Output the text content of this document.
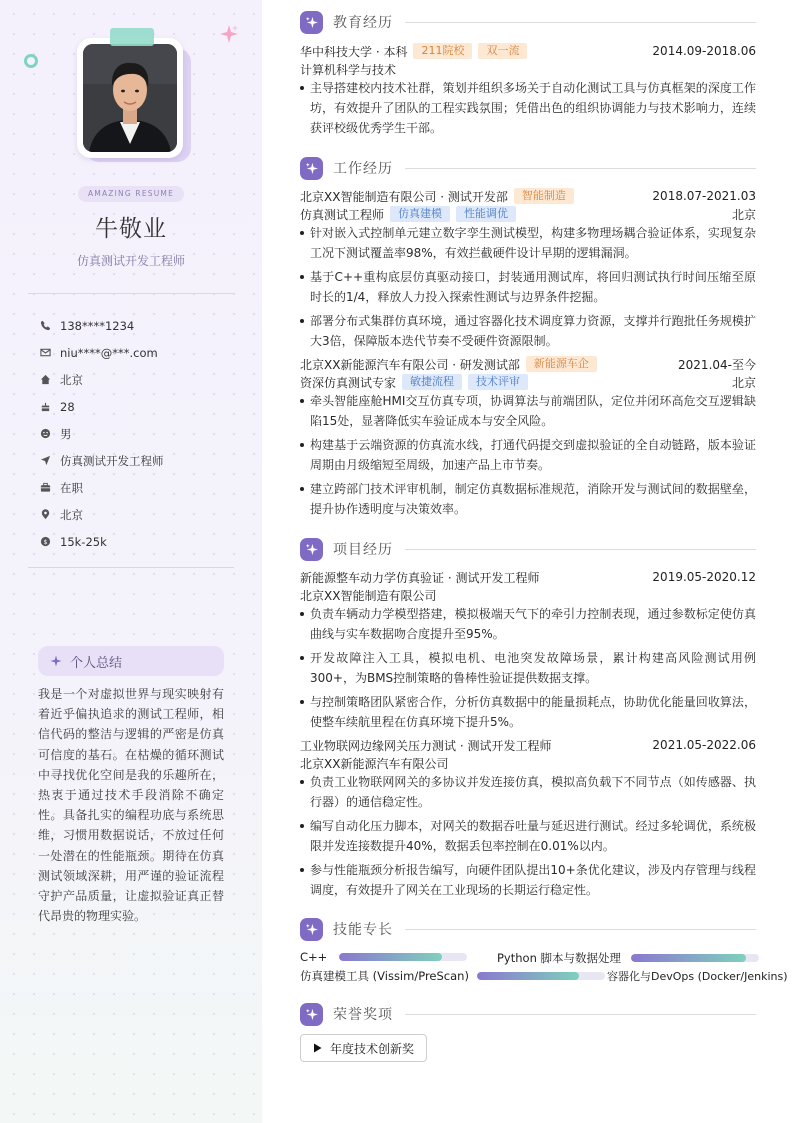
AMAZING RESUME
牛敬业
仿真测试开发工程师
138****1234
niu****@***.com
北京
28
男
仿真测试开发工程师
在职
北京
$ 15k-25k
个人总结
我是一个对虚拟世界与现实映射有着近乎偏执追求的测试工程师，相信代码的整洁与逻辑的严密是仿真可信度的基石。在枯燥的循环测试中寻找优化空间是我的乐趣所在，热衷于通过技术手段消除不确定性。具备扎实的编程功底与系统思维，习惯用数据说话，不放过任何一处潜在的性能瓶颈。期待在仿真测试领域深耕，用严谨的验证流程守护产品质量，让虚拟验证真正替代昂贵的物理实验。
教育经历
华中科技大学 · 本科	211院校	双一流	2014.09-2018.06
计算机科学与技术
主导搭建校内技术社群，策划并组织多场关于自动化测试工具与仿真框架的深度工作坊，有效提升了团队的工程实践氛围；凭借出色的组织协调能力与技术影响力，连续获评校级优秀学生干部。
工作经历
北京XX智能制造有限公司 · 测试开发部	智能制造	2018.07-2021.03
仿真测试工程师	仿真建模	性能调优	北京
针对嵌入式控制单元建立数字孪生测试模型，构建多物理场耦合验证体系，实现复杂工况下测试覆盖率98%，有效拦截硬件设计早期的逻辑漏洞。
基于C++重构底层仿真驱动接口，封装通用测试库，将回归测试执行时间压缩至原时长的1/4，释放人力投入探索性测试与边界条件挖掘。
部署分布式集群仿真环境，通过容器化技术调度算力资源，支撑并行跑批任务规模扩大3倍，保障版本迭代节奏不受硬件资源限制。
北京XX新能源汽车有限公司 · 研发测试部	新能源车企	2021.04-至今
资深仿真测试专家	敏捷流程	技术评审	北京
牵头智能座舱HMI交互仿真专项，协调算法与前端团队，定位并闭环高危交互逻辑缺陷15处，显著降低实车验证成本与安全风险。
构建基于云端资源的仿真流水线，打通代码提交到虚拟验证的全自动链路，版本验证周期由月级缩短至周级，加速产品上市节奏。
建立跨部门技术评审机制，制定仿真数据标准规范，消除开发与测试间的数据壁垒，提升协作透明度与决策效率。
项目经历
新能源整车动力学仿真验证 · 测试开发工程师	2019.05-2020.12
北京XX智能制造有限公司
负责车辆动力学模型搭建，模拟极端天气下的牵引力控制表现，通过参数标定使仿真曲线与实车数据吻合度提升至95%。
开发故障注入工具，模拟电机、电池突发故障场景，累计构建高风险测试用例300+，为BMS控制策略的鲁棒性验证提供数据支撑。
与控制策略团队紧密合作，分析仿真数据中的能量损耗点，协助优化能量回收算法，使整车续航里程在仿真环境下提升5%。
工业物联网边缘网关压力测试 · 测试开发工程师	2021.05-2022.06
北京XX新能源汽车有限公司
负责工业物联网网关的多协议并发连接仿真，模拟高负载下不同节点（如传感器、执行器）的通信稳定性。
编写自动化压力脚本，对网关的数据吞吐量与延迟进行测试。经过多轮调优，系统极限并发连接数提升40%，数据丢包率控制在0.01%以内。
参与性能瓶颈分析报告编写，向硬件团队提出10+条优化建议，涉及内存管理与线程调度，有效提升了网关在工业现场的长期运行稳定性。
技能专长
C++	Python 脚本与数据处理
仿真建模工具 (Vissim/PreScan)	容器化与DevOps (Docker/Jenkins)
荣誉奖项
年度技术创新奖
